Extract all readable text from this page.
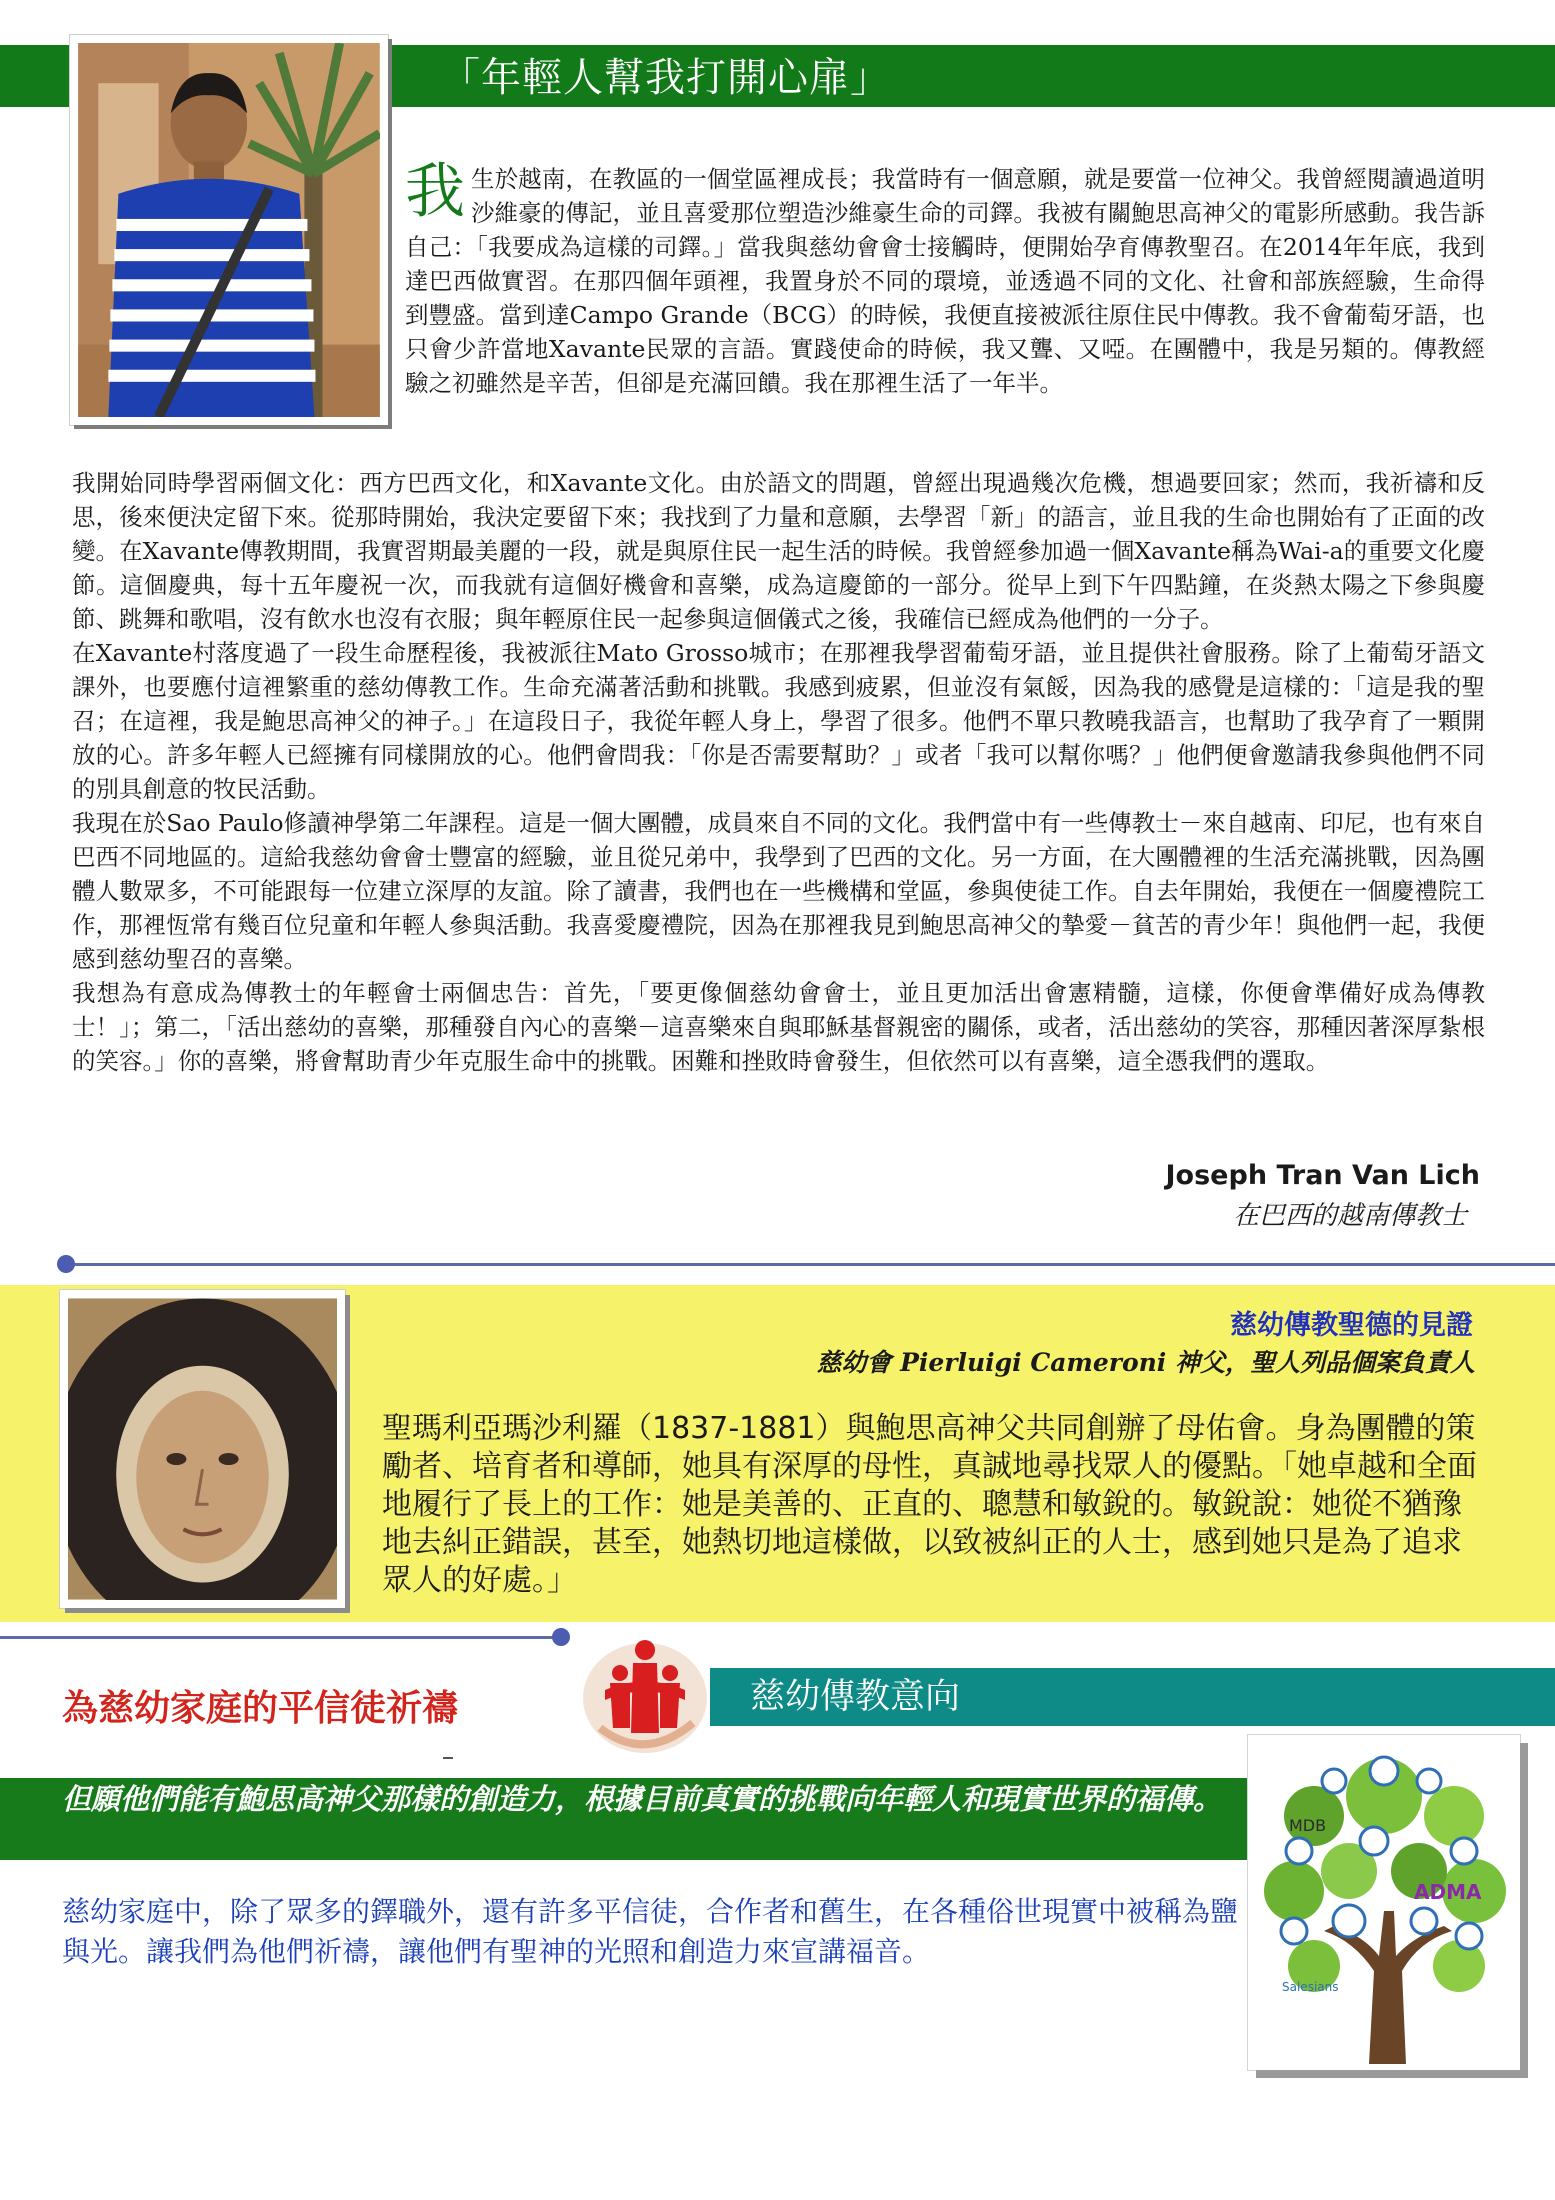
「年輕人幫我打開心扉」

我生於越南，在教區的一個堂區裡成長；我當時有一個意願，就是要當一位神父。我曾經閱讀過道明沙維豪的傳記，並且喜愛那位塑造沙維豪生命的司鐸。我被有關鮑思高神父的電影所感動。我告訴自己：「我要成為這樣的司鐸。」當我與慈幼會會士接觸時，便開始孕育傳教聖召。在2014年年底，我到達巴西做實習。在那四個年頭裡，我置身於不同的環境，並透過不同的文化、社會和部族經驗，生命得到豐盛。當到達Campo Grande（BCG）的時候，我便直接被派往原住民中傳教。我不會葡萄牙語，也只會少許當地Xavante民眾的言語。實踐使命的時候，我又聾、又啞。在團體中，我是另類的。傳教經驗之初雖然是辛苦，但卻是充滿回饋。我在那裡生活了一年半。

我開始同時學習兩個文化：西方巴西文化，和Xavante文化。由於語文的問題，曾經出現過幾次危機，想過要回家；然而，我祈禱和反思，後來便決定留下來。從那時開始，我決定要留下來；我找到了力量和意願，去學習「新」的語言，並且我的生命也開始有了正面的改變。在Xavante傳教期間，我實習期最美麗的一段，就是與原住民一起生活的時候。我曾經參加過一個Xavante稱為Wai-a的重要文化慶節。這個慶典，每十五年慶祝一次，而我就有這個好機會和喜樂，成為這慶節的一部分。從早上到下午四點鐘，在炎熱太陽之下參與慶節、跳舞和歌唱，沒有飲水也沒有衣服；與年輕原住民一起參與這個儀式之後，我確信已經成為他們的一分子。

在Xavante村落度過了一段生命歷程後，我被派往Mato Grosso城市；在那裡我學習葡萄牙語，並且提供社會服務。除了上葡萄牙語文課外，也要應付這裡繁重的慈幼傳教工作。生命充滿著活動和挑戰。我感到疲累，但並沒有氣餒，因為我的感覺是這樣的：「這是我的聖召；在這裡，我是鮑思高神父的神子。」在這段日子，我從年輕人身上，學習了很多。他們不單只教曉我語言，也幫助了我孕育了一顆開放的心。許多年輕人已經擁有同樣開放的心。他們會問我：「你是否需要幫助？」或者「我可以幫你嗎？」他們便會邀請我參與他們不同的別具創意的牧民活動。

我現在於Sao Paulo修讀神學第二年課程。這是一個大團體，成員來自不同的文化。我們當中有一些傳教士－來自越南、印尼，也有來自巴西不同地區的。這給我慈幼會會士豐富的經驗，並且從兄弟中，我學到了巴西的文化。另一方面，在大團體裡的生活充滿挑戰，因為團體人數眾多，不可能跟每一位建立深厚的友誼。除了讀書，我們也在一些機構和堂區，參與使徒工作。自去年開始，我便在一個慶禮院工作，那裡恆常有幾百位兒童和年輕人參與活動。我喜愛慶禮院，因為在那裡我見到鮑思高神父的摯愛－貧苦的青少年！與他們一起，我便感到慈幼聖召的喜樂。

我想為有意成為傳教士的年輕會士兩個忠告：首先，「要更像個慈幼會會士，並且更加活出會憲精髓，這樣，你便會準備好成為傳教士！」；第二，「活出慈幼的喜樂，那種發自內心的喜樂－這喜樂來自與耶穌基督親密的關係，或者，活出慈幼的笑容，那種因著深厚紮根的笑容。」你的喜樂，將會幫助青少年克服生命中的挑戰。困難和挫敗時會發生，但依然可以有喜樂，這全憑我們的選取。

Joseph Tran Van Lich
在巴西的越南傳教士
慈幼傳教聖德的見證
慈幼會 Pierluigi Cameroni 神父，聖人列品個案負責人

聖瑪利亞瑪沙利羅（1837-1881）與鮑思高神父共同創辦了母佑會。身為團體的策勵者、培育者和導師，她具有深厚的母性，真誠地尋找眾人的優點。「她卓越和全面地履行了長上的工作：她是美善的、正直的、聰慧和敏銳的。敏銳說：她從不猶豫地去糾正錯誤，甚至，她熱切地這樣做，以致被糾正的人士，感到她只是為了追求眾人的好處。」

為慈幼家庭的平信徒祈禱	慈幼傳教意向
但願他們能有鮑思高神父那樣的創造力，根據目前真實的挑戰向年輕人和現實世界的福傳。

慈幼家庭中，除了眾多的鐸職外，還有許多平信徒，合作者和舊生，在各種俗世現實中被稱為鹽與光。讓我們為他們祈禱，讓他們有聖神的光照和創造力來宣講福音。

MDB
ADMA
Salesians
